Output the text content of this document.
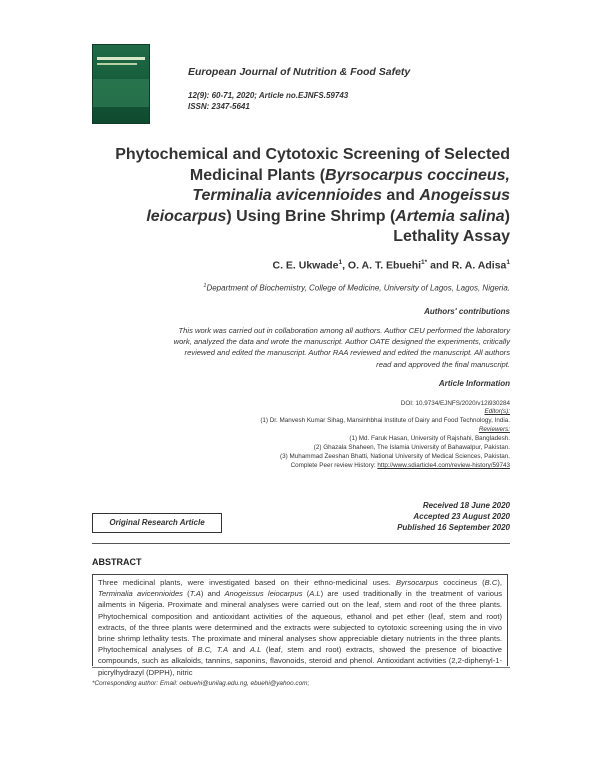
European Journal of Nutrition & Food Safety
12(9): 60-71, 2020; Article no.EJNFS.59743
ISSN: 2347-5641
Phytochemical and Cytotoxic Screening of Selected
Medicinal Plants (Byrsocarpus coccineus,
Terminalia avicennioides and Anogeissus
leiocarpus) Using Brine Shrimp (Artemia salina)
Lethality Assay
C. E. Ukwade$^1$, O. A. T. Ebuehi$^{1*}$ and R. A. Adisa$^1$
$^1$Department of Biochemistry, College of Medicine, University of Lagos, Lagos, Nigeria.
Authors' contributions
This work was carried out in collaboration among all authors. Author CEU performed the laboratory
work, analyzed the data and wrote the manuscript. Author OATE designed the experiments, critically
reviewed and edited the manuscript. Author RAA reviewed and edited the manuscript. All authors
read and approved the final manuscript.
Article Information
DOI: 10.9734/EJNFS/2020/v12i930284
Editor(s):
(1) Dr. Manvesh Kumar Sihag, Mansinhbhai Institute of Dairy and Food Technology, India.
Reviewers:
(1) Md. Faruk Hasan, University of Rajshahi, Bangladesh.
(2) Ghazala Shaheen, The Islamia University of Bahawalpur, Pakistan.
(3) Muhammad Zeeshan Bhatti, National University of Medical Sciences, Pakistan.
Complete Peer review History: http://www.sdiarticle4.com/review-history/59743
Received 18 June 2020
Accepted 23 August 2020
Published 16 September 2020
Original Research Article
ABSTRACT
Three medicinal plants, were investigated based on their ethno-medicinal uses. Byrsocarpus coccineus (B.C), Terminalia avicennioides (T.A) and Anogeissus leiocarpus (A.L) are used traditionally in the treatment of various ailments in Nigeria. Proximate and mineral analyses were carried out on the leaf, stem and root of the three plants. Phytochemical composition and antioxidant activities of the aqueous, ethanol and pet ether (leaf, stem and root) extracts, of the three plants were determined and the extracts were subjected to cytotoxic screening using the in vivo brine shrimp lethality tests. The proximate and mineral analyses show appreciable dietary nutrients in the three plants. Phytochemical analyses of B.C, T.A and A.L (leaf, stem and root) extracts, showed the presence of bioactive compounds, such as alkaloids, tannins, saponins, flavonoids, steroid and phenol. Antioxidant activities (2,2-diphenyl-1-picrylhydrazyl (DPPH), nitric
*Corresponding author: Email: oebuehi@unilag.edu.ng, ebuehi@yahoo.com;
